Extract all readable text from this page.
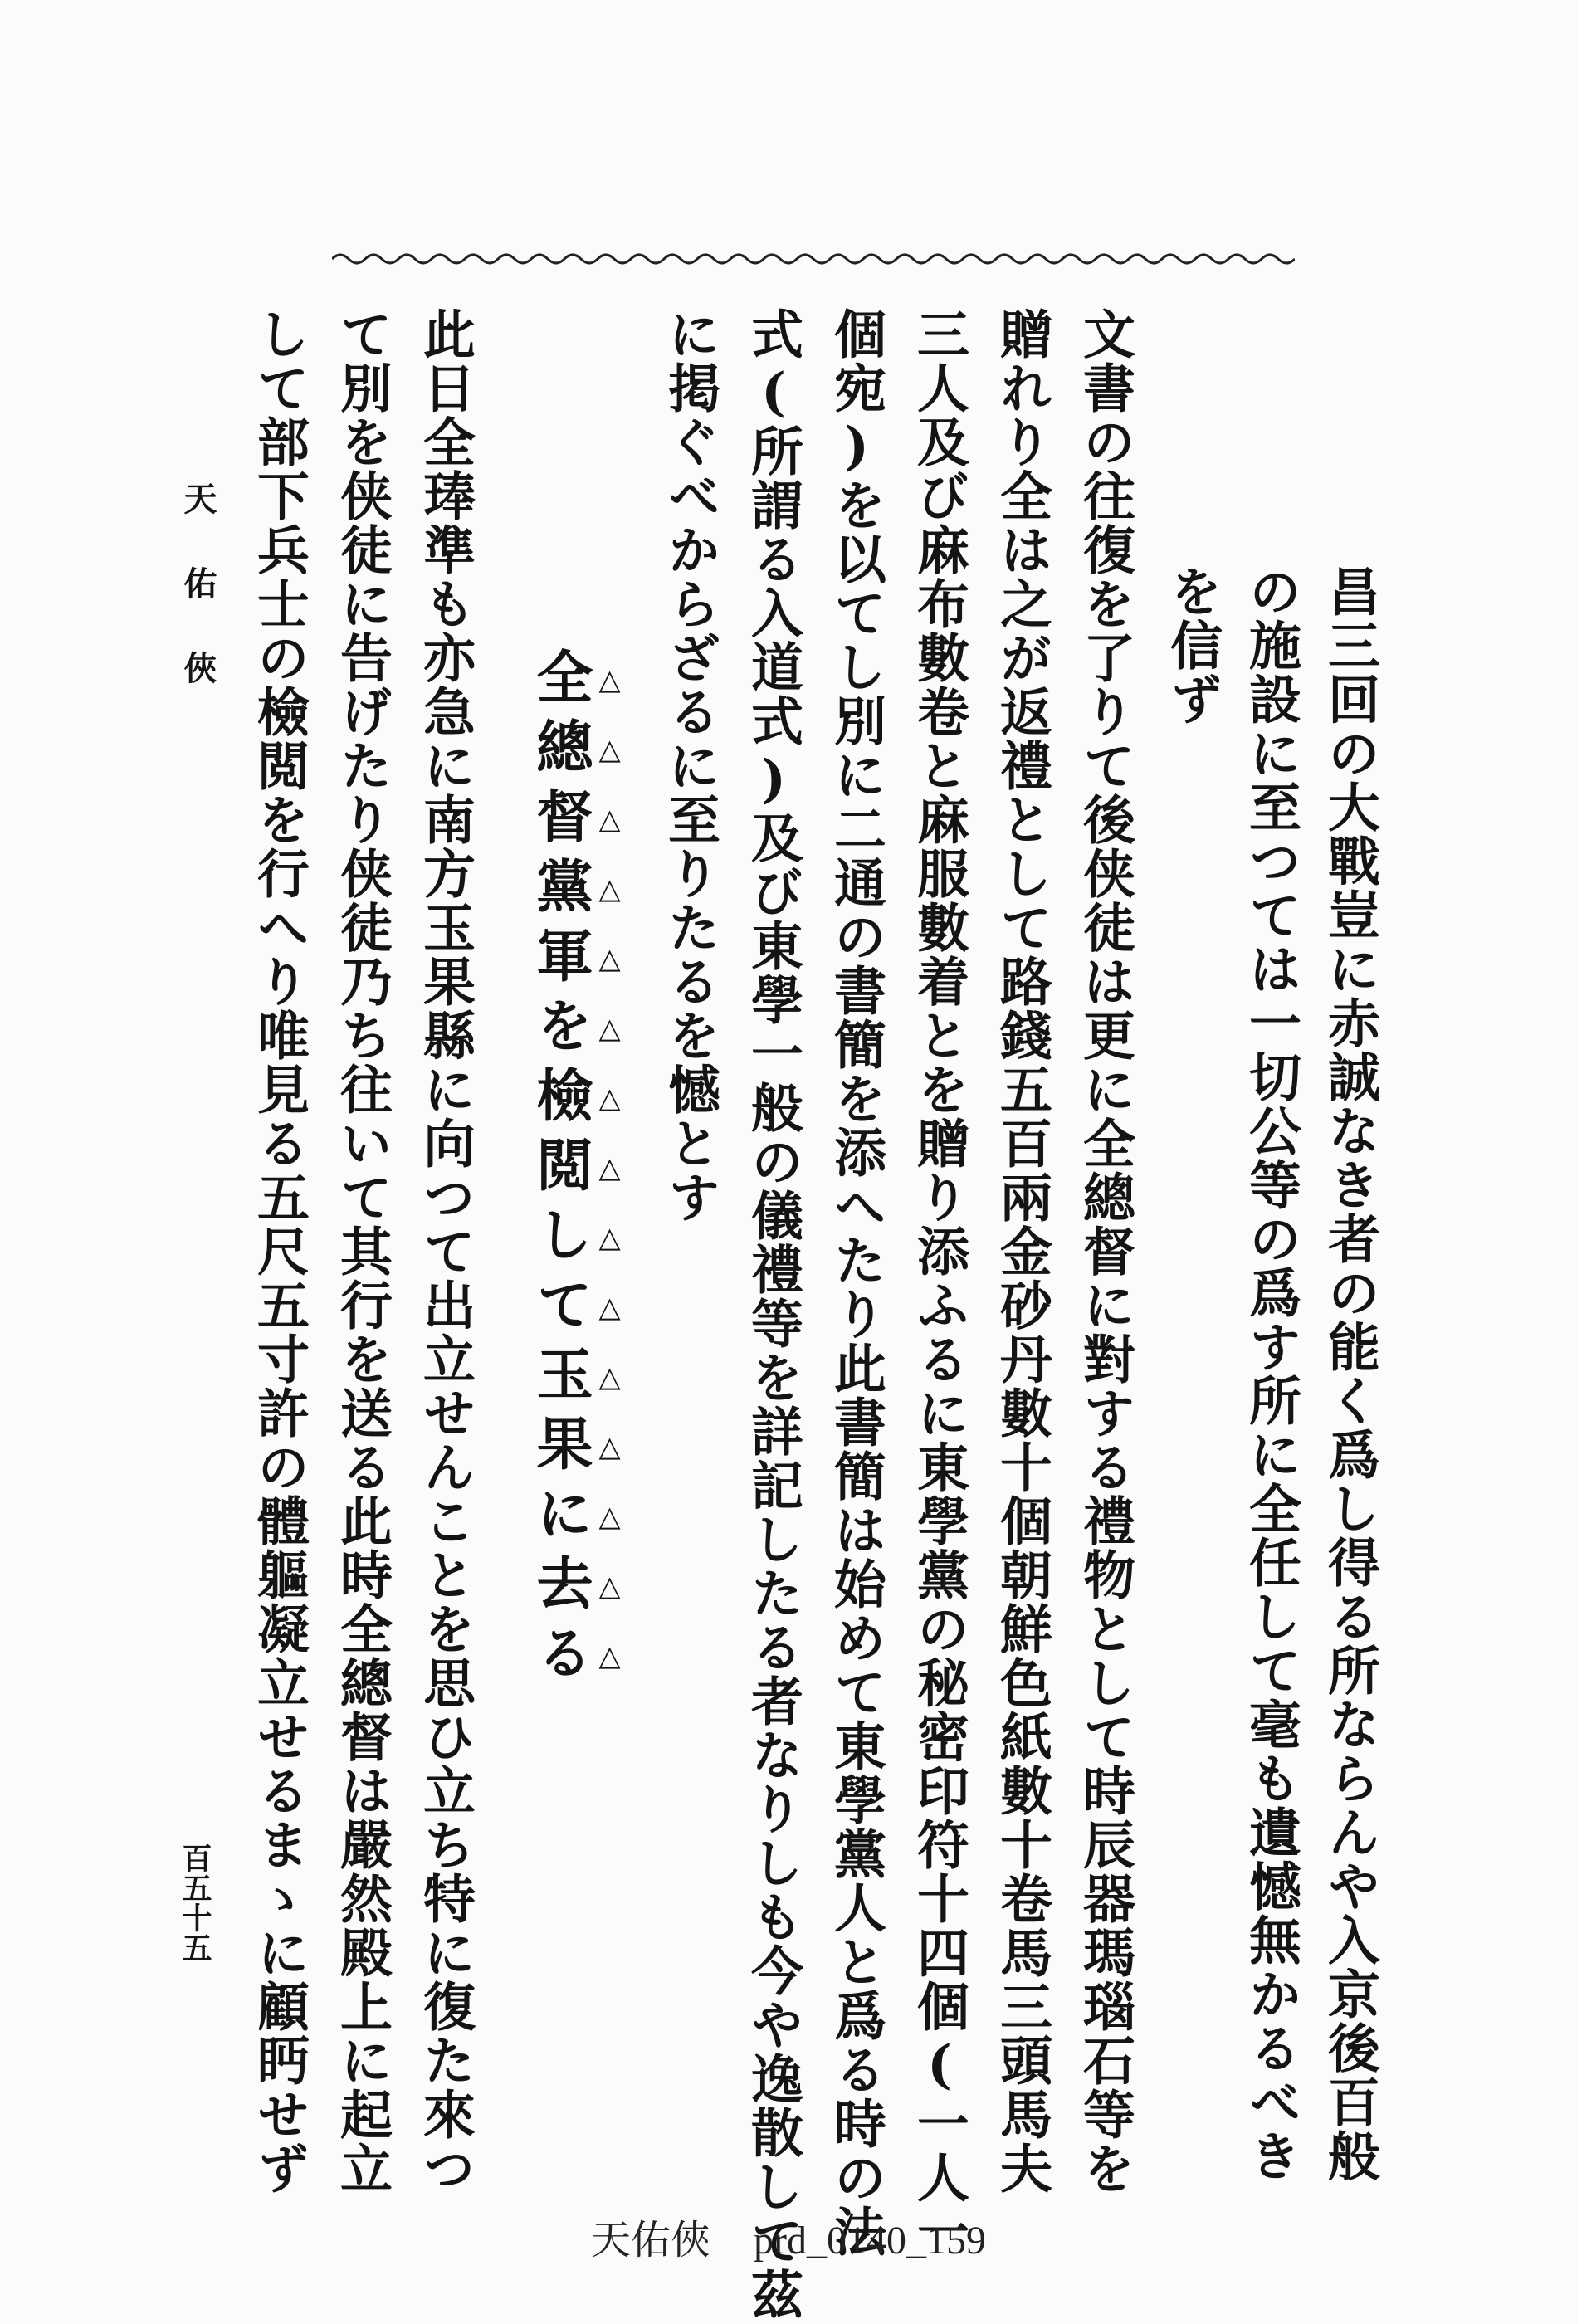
昌三回の大戰豈に赤誠なき者の能く爲し得る所ならんや入京後百般
の施設に至つては一切公等の爲す所に全任して毫も遺憾無かるべき
を信ず
文書の往復を了りて後侠徒は更に全總督に對する禮物として時辰器瑪瑙石等を
贈れり全は之が返禮として路錢五百兩金砂丹數十個朝鮮色紙數十卷馬三頭馬夫
三人及び麻布數卷と麻服數着とを贈り添ふるに東學黨の秘密印符十四個(一人一
個宛)を以てし別に二通の書簡を添へたり此書簡は始めて東學黨人と爲る時の法
式(所謂る入道式)及び東學一般の儀禮等を詳記したる者なりしも今や逸散して茲
に掲ぐべからざるに至りたるを憾とす
全總督黨軍を檢閲して玉果に去る
此日全琫準も亦急に南方玉果縣に向つて出立せんことを思ひ立ち特に復た來つ
て別を侠徒に告げたり侠徒乃ち往いて其行を送る此時全總督は嚴然殿上に起立
して部下兵士の檢閲を行へり唯見る五尺五寸許の體軀凝立せるまゝに顧眄せず
天佑俠
百五十五
天佑俠 prd_0140_159
